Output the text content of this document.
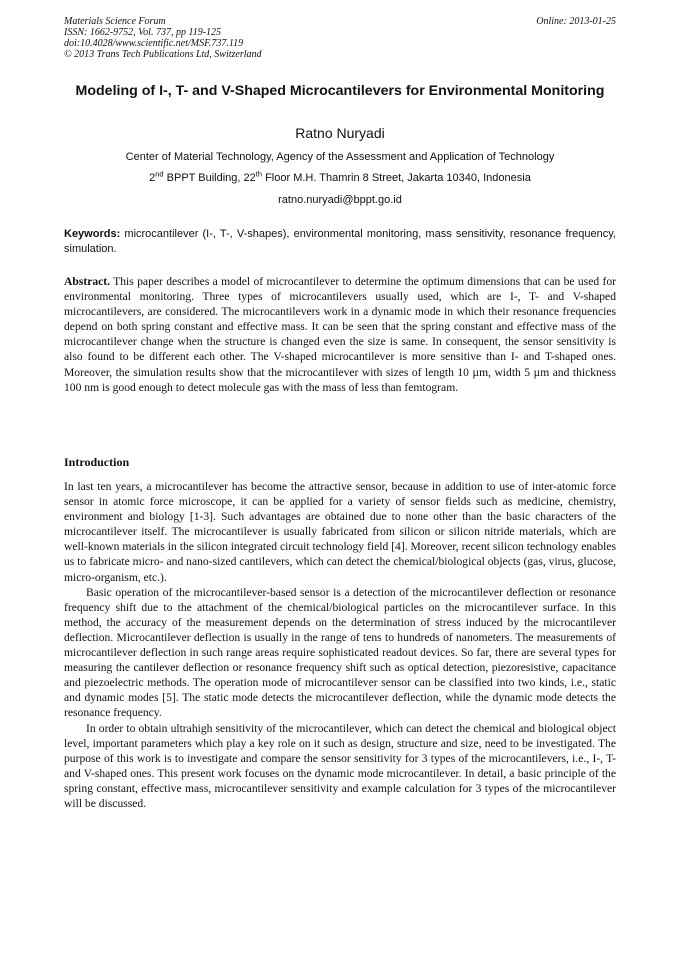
Materials Science Forum
ISSN: 1662-9752, Vol. 737, pp 119-125
doi:10.4028/www.scientific.net/MSF.737.119
© 2013 Trans Tech Publications Ltd, Switzerland
Online: 2013-01-25
Modeling of I-, T- and V-Shaped Microcantilevers for Environmental Monitoring
Ratno Nuryadi
Center of Material Technology, Agency of the Assessment and Application of Technology
2nd BPPT Building, 22th Floor M.H. Thamrin 8 Street, Jakarta 10340, Indonesia
ratno.nuryadi@bppt.go.id
Keywords: microcantilever (I-, T-, V-shapes), environmental monitoring, mass sensitivity, resonance frequency, simulation.
Abstract. This paper describes a model of microcantilever to determine the optimum dimensions that can be used for environmental monitoring. Three types of microcantilevers usually used, which are I-, T- and V-shaped microcantilevers, are considered. The microcantilevers work in a dynamic mode in which their resonance frequencies depend on both spring constant and effective mass. It can be seen that the spring constant and effective mass of the microcantilever change when the structure is changed even the size is same. In consequent, the sensor sensitivity is also found to be different each other. The V-shaped microcantilever is more sensitive than I- and T-shaped ones. Moreover, the simulation results show that the microcantilever with sizes of length 10 µm, width 5 µm and thickness 100 nm is good enough to detect molecule gas with the mass of less than femtogram.
Introduction

In last ten years, a microcantilever has become the attractive sensor, because in addition to use of inter-atomic force sensor in atomic force microscope, it can be applied for a variety of sensor fields such as medicine, chemistry, environment and biology [1-3]. Such advantages are obtained due to none other than the basic characters of the microcantilever itself. The microcantilever is usually fabricated from silicon or silicon nitride materials, which are well-known materials in the silicon integrated circuit technology field [4]. Moreover, recent silicon technology enables us to fabricate micro- and nano-sized cantilevers, which can detect the chemical/biological objects (gas, virus, glucose, micro-organism, etc.).

Basic operation of the microcantilever-based sensor is a detection of the microcantilever deflection or resonance frequency shift due to the attachment of the chemical/biological particles on the microcantilever surface. In this method, the accuracy of the measurement depends on the determination of stress induced by the microcantilever deflection. Microcantilever deflection is usually in the range of tens to hundreds of nanometers. The measurements of microcantilever deflection in such range areas require sophisticated readout devices. So far, there are several types for measuring the cantilever deflection or resonance frequency shift such as optical detection, piezoresistive, capacitance and piezoelectric methods. The operation mode of microcantilever sensor can be classified into two kinds, i.e., static and dynamic modes [5]. The static mode detects the microcantilever deflection, while the dynamic mode detects the resonance frequency.

In order to obtain ultrahigh sensitivity of the microcantilever, which can detect the chemical and biological object level, important parameters which play a key role on it such as design, structure and size, need to be investigated. The purpose of this work is to investigate and compare the sensor sensitivity for 3 types of the microcantilevers, i.e., I-, T- and V-shaped ones. This present work focuses on the dynamic mode microcantilever. In detail, a basic principle of the spring constant, effective mass, microcantilever sensitivity and example calculation for 3 types of the microcantilever will be discussed.
